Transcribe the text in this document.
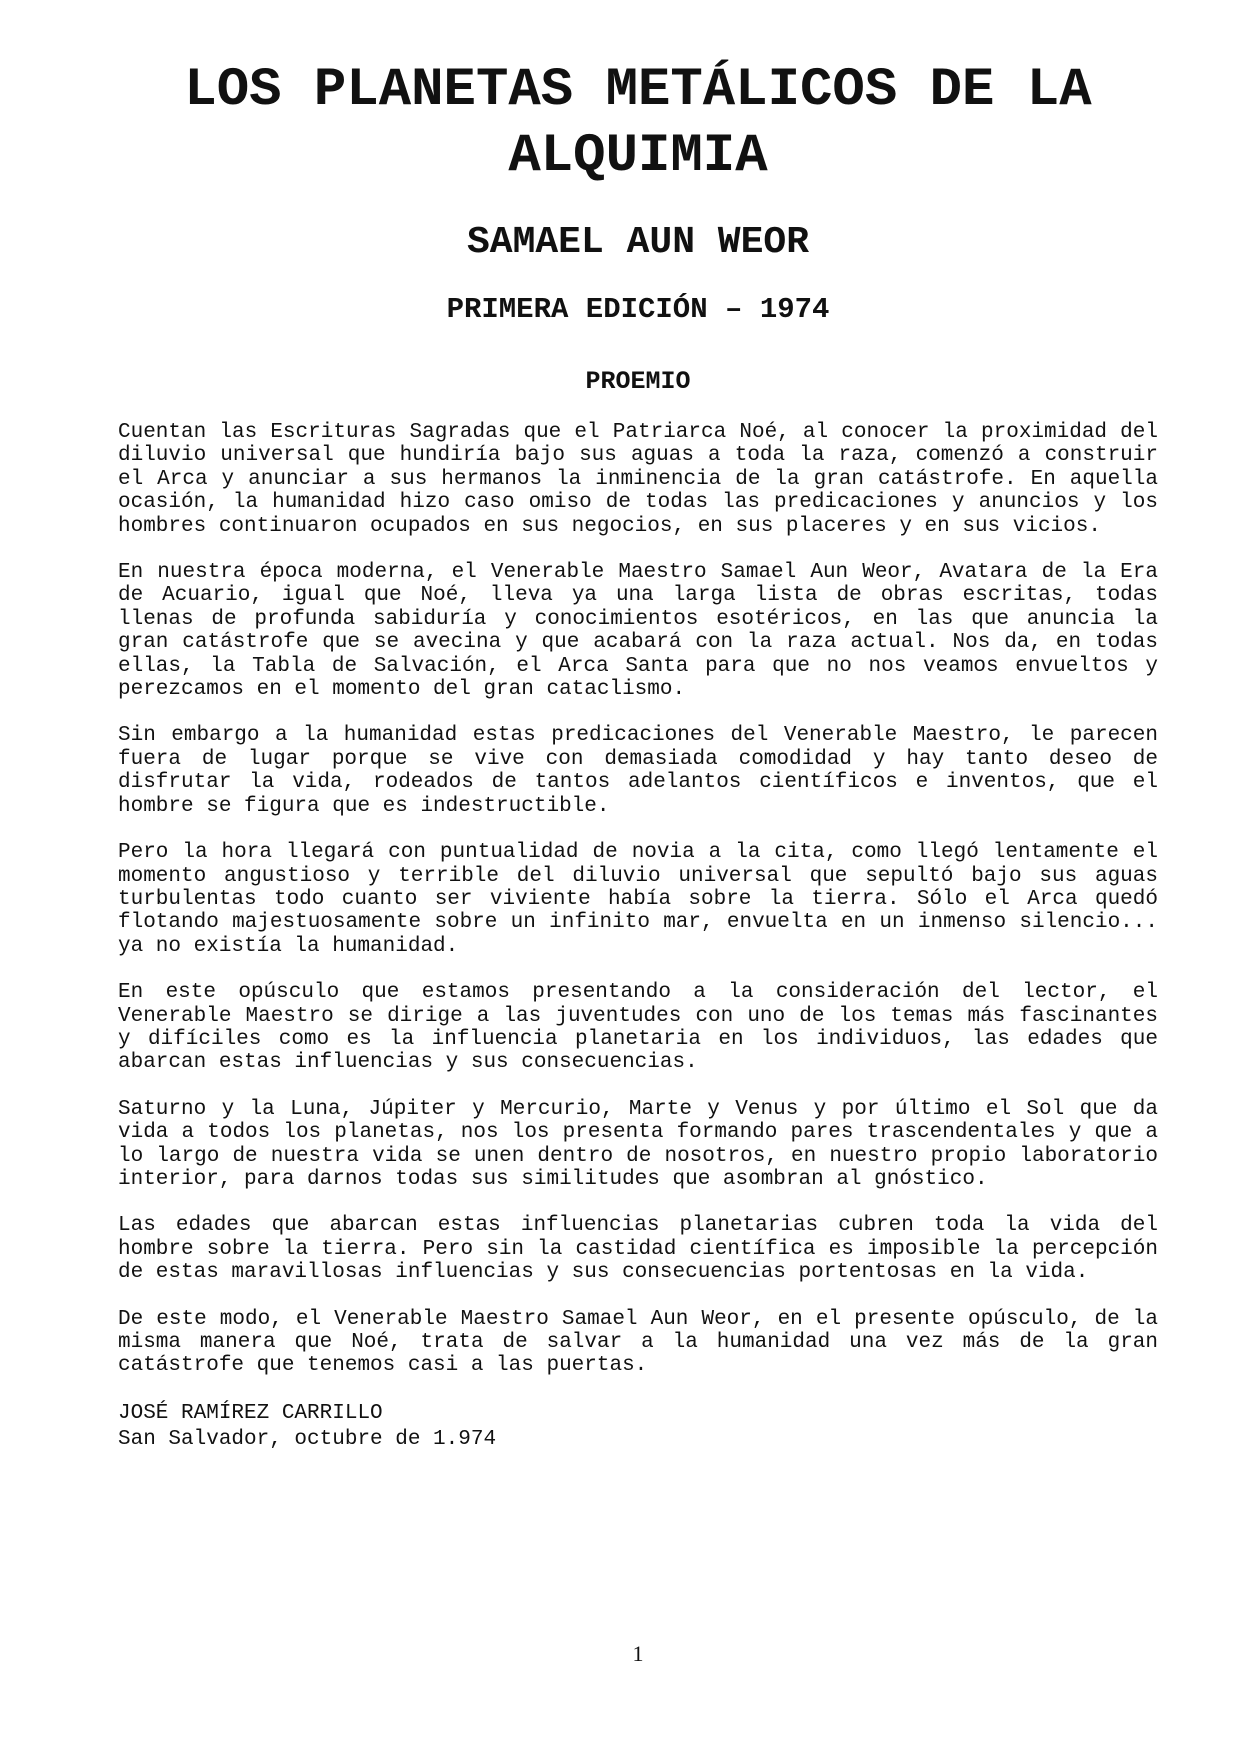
LOS PLANETAS METÁLICOS DE LA ALQUIMIA
SAMAEL AUN WEOR
PRIMERA EDICIÓN – 1974
PROEMIO

Cuentan las Escrituras Sagradas que el Patriarca Noé, al conocer la proximidad del diluvio universal que hundiría bajo sus aguas a toda la raza, comenzó a construir el Arca y anunciar a sus hermanos la inminencia de la gran catástrofe. En aquella ocasión, la humanidad hizo caso omiso de todas las predicaciones y anuncios y los hombres continuaron ocupados en sus negocios, en sus placeres y en sus vicios.

En nuestra época moderna, el Venerable Maestro Samael Aun Weor, Avatara de la Era de Acuario, igual que Noé, lleva ya una larga lista de obras escritas, todas llenas de profunda sabiduría y conocimientos esotéricos, en las que anuncia la gran catástrofe que se avecina y que acabará con la raza actual. Nos da, en todas ellas, la Tabla de Salvación, el Arca Santa para que no nos veamos envueltos y perezcamos en el momento del gran cataclismo.

Sin embargo a la humanidad estas predicaciones del Venerable Maestro, le parecen fuera de lugar porque se vive con demasiada comodidad y hay tanto deseo de disfrutar la vida, rodeados de tantos adelantos científicos e inventos, que el hombre se figura que es indestructible.

Pero la hora llegará con puntualidad de novia a la cita, como llegó lentamente el momento angustioso y terrible del diluvio universal que sepultó bajo sus aguas turbulentas todo cuanto ser viviente había sobre la tierra. Sólo el Arca quedó flotando majestuosamente sobre un infinito mar, envuelta en un inmenso silencio... ya no existía la humanidad.

En este opúsculo que estamos presentando a la consideración del lector, el Venerable Maestro se dirige a las juventudes con uno de los temas más fascinantes y difíciles como es la influencia planetaria en los individuos, las edades que abarcan estas influencias y sus consecuencias.

Saturno y la Luna, Júpiter y Mercurio, Marte y Venus y por último el Sol que da vida a todos los planetas, nos los presenta formando pares trascendentales y que a lo largo de nuestra vida se unen dentro de nosotros, en nuestro propio laboratorio interior, para darnos todas sus similitudes que asombran al gnóstico.

Las edades que abarcan estas influencias planetarias cubren toda la vida del hombre sobre la tierra. Pero sin la castidad científica es imposible la percepción de estas maravillosas influencias y sus consecuencias portentosas en la vida.

De este modo, el Venerable Maestro Samael Aun Weor, en el presente opúsculo, de la misma manera que Noé, trata de salvar a la humanidad una vez más de la gran catástrofe que tenemos casi a las puertas.

JOSÉ RAMÍREZ CARRILLO

San Salvador, octubre de 1.974

1
